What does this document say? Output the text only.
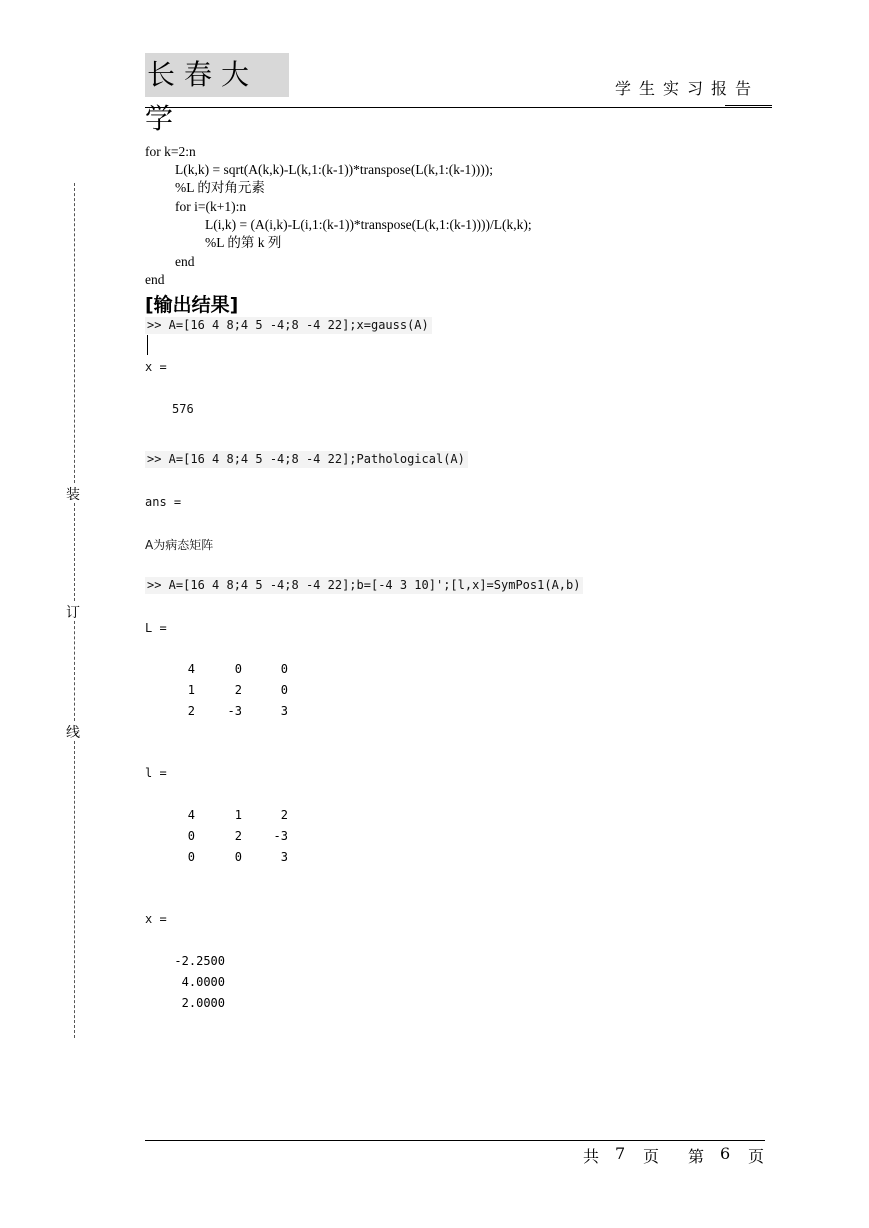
长春大学
学生实习报告
装
订
线
for k=2:n
L(k,k) = sqrt(A(k,k)-L(k,1:(k-1))*transpose(L(k,1:(k-1))));
%L 的对角元素
for i=(k+1):n
L(i,k) = (A(i,k)-L(i,1:(k-1))*transpose(L(k,1:(k-1))))/L(k,k);
%L 的第 k 列
end
end
[输出结果]
>> A=[16 4 8;4 5 -4;8 -4 22];x=gauss(A)
x =
576
>> A=[16 4 8;4 5 -4;8 -4 22];Pathological(A)
ans =
A为病态矩阵
>> A=[16 4 8;4 5 -4;8 -4 22];b=[-4 3 10]';[l,x]=SymPos1(A,b)
L =
4	0	0
1	2	0
2	-3	3
l =
4	1	2
0	2	-3
0	0	3
x =
-2.2500
4.0000
2.0000
共 7 页 第 6 页
